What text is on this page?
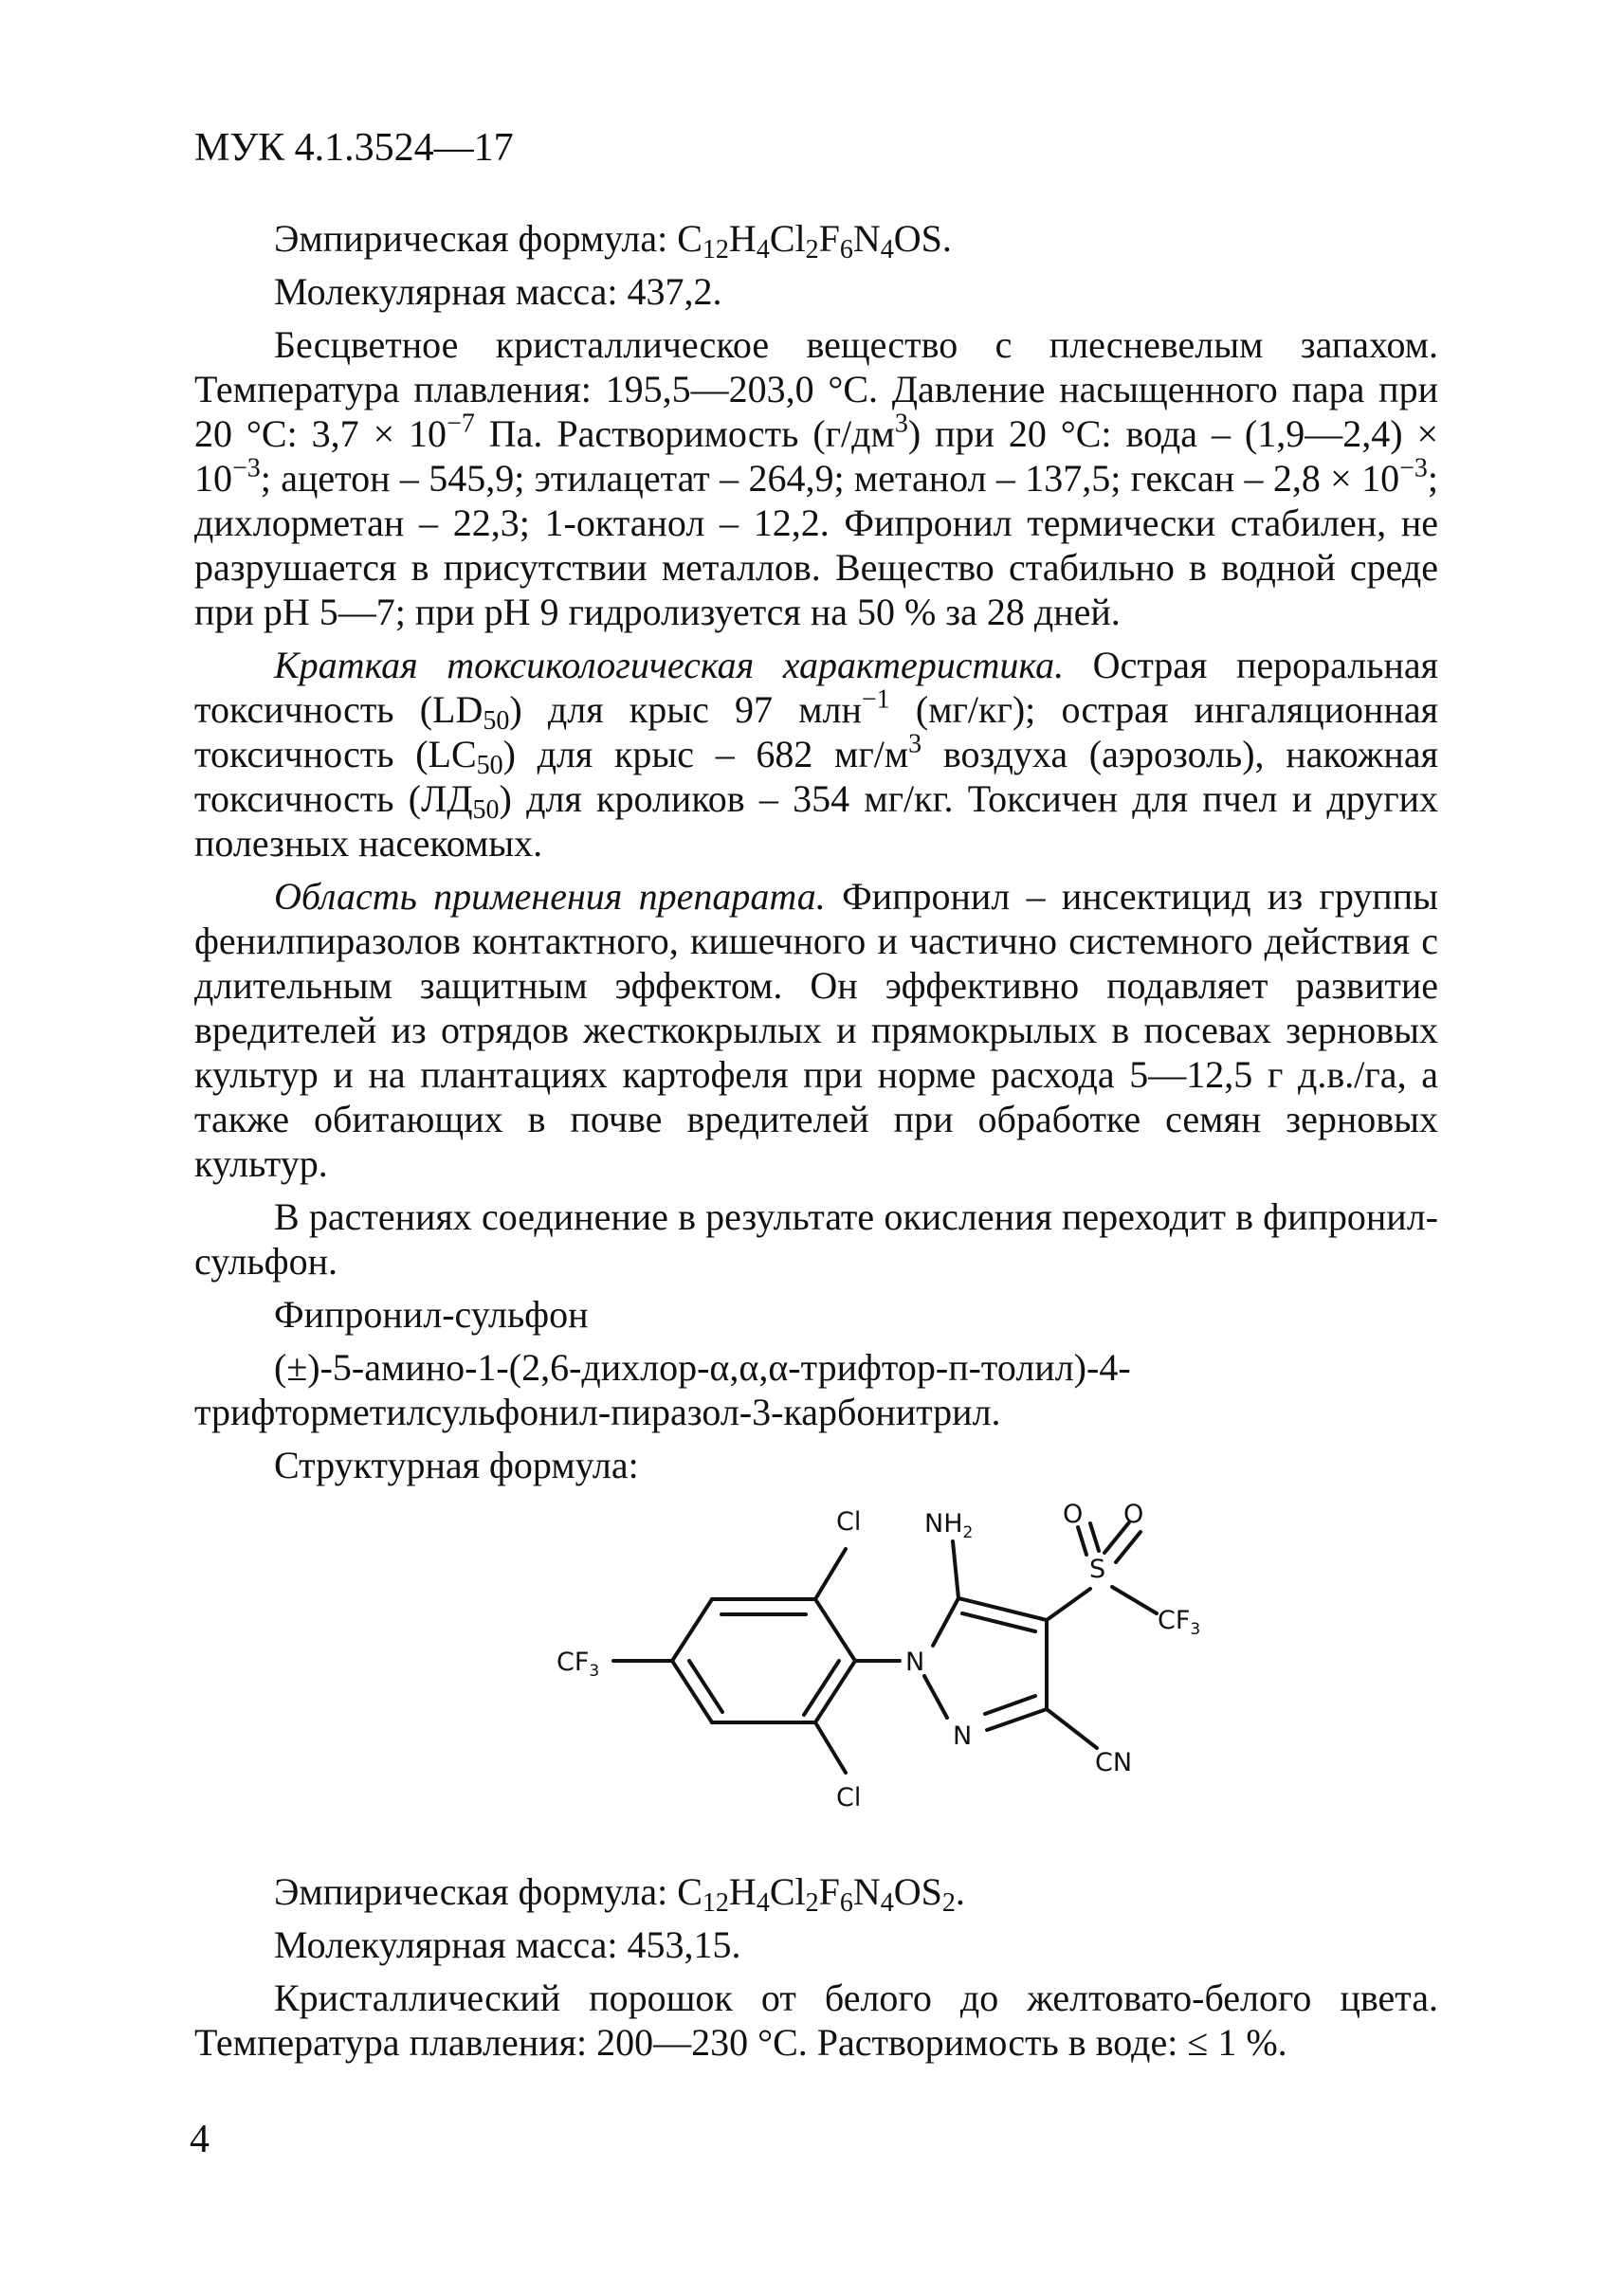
МУК 4.1.3524—17

Эмпирическая формула: $C_{12}H_4Cl_2F_6N_4OS$.

Молекулярная масса: 437,2.

Бесцветное кристаллическое вещество с плесневелым запахом. Температура плавления: 195,5—203,0 °С. Давление насыщенного пара при 20 °С: $3,7 \times 10^{-7}$ Па. Растворимость $(г/дм^3)$ при 20 °С: вода – (1,9—2,4) × $10^{-3}$; ацетон – 545,9; этилацетат – 264,9; метанол – 137,5; гексан – $2,8 \times 10^{-3}$; дихлорметан – 22,3; 1-октанол – 12,2. Фипронил термически стабилен, не разрушается в присутствии металлов. Вещество стабильно в водной среде при рН 5—7; при рН 9 гидролизуется на 50 % за 28 дней.

Краткая токсикологическая характеристика. Острая пероральная токсичность $(LD_{50})$ для крыс 97 млн$^{-1}$ (мг/кг); острая ингаляционная токсичность $(LC_{50})$ для крыс – 682 $мг/м^3$ воздуха (аэрозоль), накожная токсичность $(ЛД_{50})$ для кроликов – 354 мг/кг. Токсичен для пчел и других полезных насекомых.

Область применения препарата. Фипронил – инсектицид из группы фенилпиразолов контактного, кишечного и частично системного действия с длительным защитным эффектом. Он эффективно подавляет развитие вредителей из отрядов жесткокрылых и прямокрылых в посевах зерновых культур и на плантациях картофеля при норме расхода 5—12,5 г д.в./га, а также обитающих в почве вредителей при обработке семян зерновых культур.

В растениях соединение в результате окисления переходит в фипронил-сульфон.

Фипронил-сульфон

(±)-5-амино-1-(2,6-дихлор-α,α,α-трифтор-п-толил)-4-
трифторметилсульфонил-пиразол-3-карбонитрил.

Структурная формула:

Cl $NH_2$
O O
S
$CF_3$
$CF_3$	N
N
CN
Cl

Эмпирическая формула: $C_{12}H_4Cl_2F_6N_4OS_2$.

Молекулярная масса: 453,15.

Кристаллический порошок от белого до желтовато-белого цвета. Температура плавления: 200—230 °С. Растворимость в воде: ≤ 1 %.

4
